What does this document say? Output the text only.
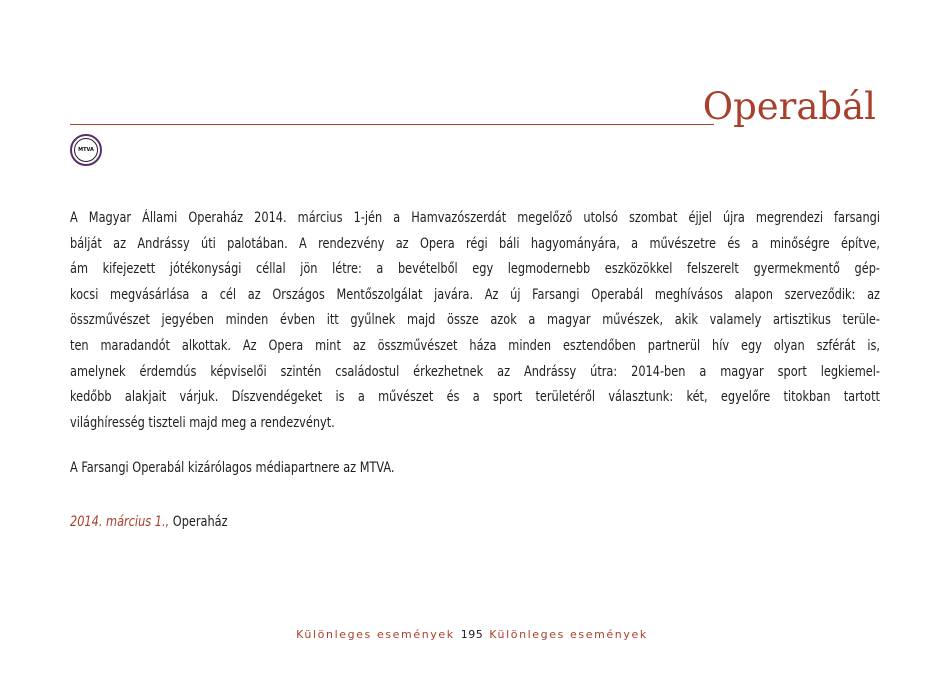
Operabál
MTVA
A Magyar Állami Operaház 2014. március 1-jén a Hamvazószerdát megelőző utolsó szombat éjjel újra megrendezi farsangi
bálját az Andrássy úti palotában. A rendezvény az Opera régi báli hagyományára, a művészetre és a minőségre építve,
ám kifejezett jótékonysági céllal jön létre: a bevételből egy legmodernebb eszközökkel felszerelt gyermekmentő gép-
kocsi megvásárlása a cél az Országos Mentőszolgálat javára. Az új Farsangi Operabál meghívásos alapon szerveződik: az
összművészet jegyében minden évben itt gyűlnek majd össze azok a magyar művészek, akik valamely artisztikus terüle-
ten maradandót alkottak. Az Opera mint az összművészet háza minden esztendőben partnerül hív egy olyan szférát is,
amelynek érdemdús képviselői szintén családostul érkezhetnek az Andrássy útra: 2014-ben a magyar sport legkiemel-
kedőbb alakjait várjuk. Díszvendégeket is a művészet és a sport területéről választunk: két, egyelőre titokban tartott
világhíresség tiszteli majd meg a rendezvényt.
A Farsangi Operabál kizárólagos médiapartnere az MTVA.
2014. március 1., Operaház
Különleges események 195 Különleges események
